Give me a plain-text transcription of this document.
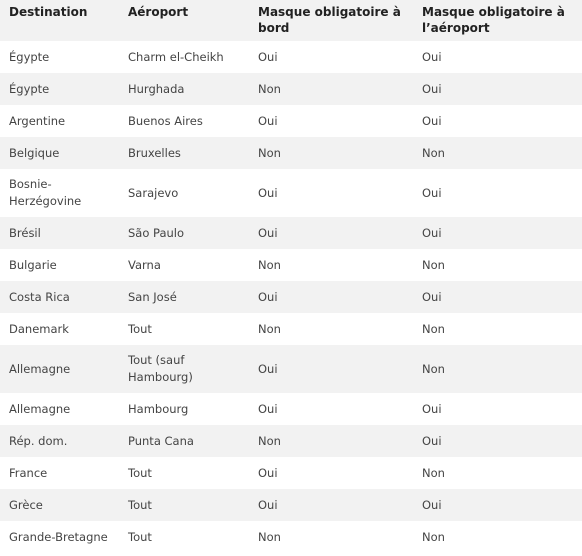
Destination	Aéroport	Masque obligatoire à bord	Masque obligatoire à l’aéroport
Égypte	Charm el-Cheikh	Oui	Oui
Égypte	Hurghada	Non	Oui
Argentine	Buenos Aires	Oui	Oui
Belgique	Bruxelles	Non	Non
Bosnie-Herzégovine	Sarajevo	Oui	Oui
Brésil	São Paulo	Oui	Oui
Bulgarie	Varna	Non	Non
Costa Rica	San José	Oui	Oui
Danemark	Tout	Non	Non
Allemagne	Tout (sauf Hambourg)	Oui	Non
Allemagne	Hambourg	Oui	Oui
Rép. dom.	Punta Cana	Non	Oui
France	Tout	Oui	Non
Grèce	Tout	Oui	Oui
Grande-Bretagne	Tout	Non	Non
